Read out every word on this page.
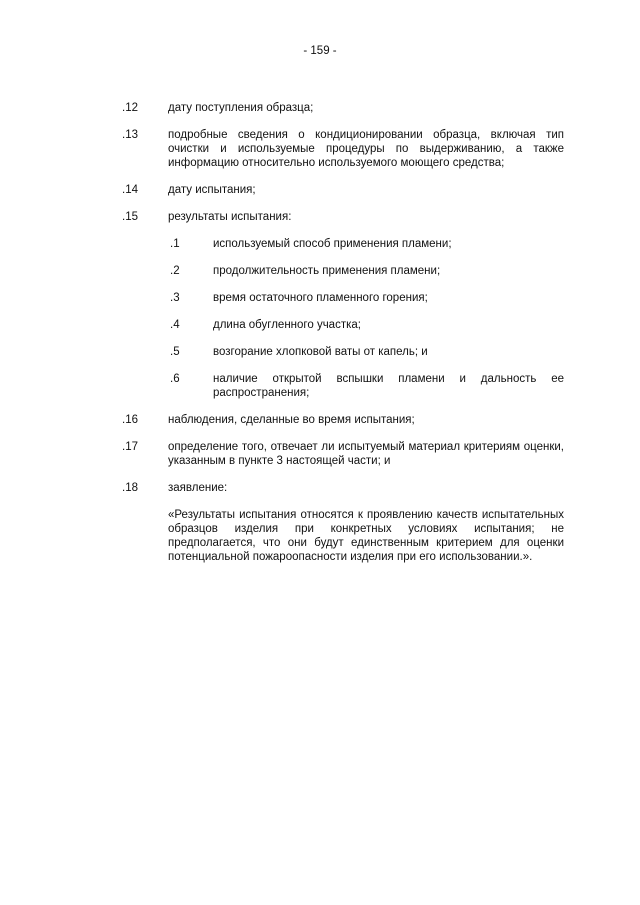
- 159 -
.12	дату поступления образца;
.13	подробные сведения о кондиционировании образца, включая тип очистки и используемые процедуры по выдерживанию, а также информацию относительно используемого моющего средства;
.14	дату испытания;
.15	результаты испытания:
.1	используемый способ применения пламени;
.2	продолжительность применения пламени;
.3	время остаточного пламенного горения;
.4	длина обугленного участка;
.5	возгорание хлопковой ваты от капель; и
.6	наличие открытой вспышки пламени и дальность ее распространения;
.16	наблюдения, сделанные во время испытания;
.17	определение того, отвечает ли испытуемый материал критериям оценки, указанным в пункте 3 настоящей части; и
.18	заявление:
«Результаты испытания относятся к проявлению качеств испытательных образцов изделия при конкретных условиях испытания; не предполагается, что они будут единственным критерием для оценки потенциальной пожароопасности изделия при его использовании.».
